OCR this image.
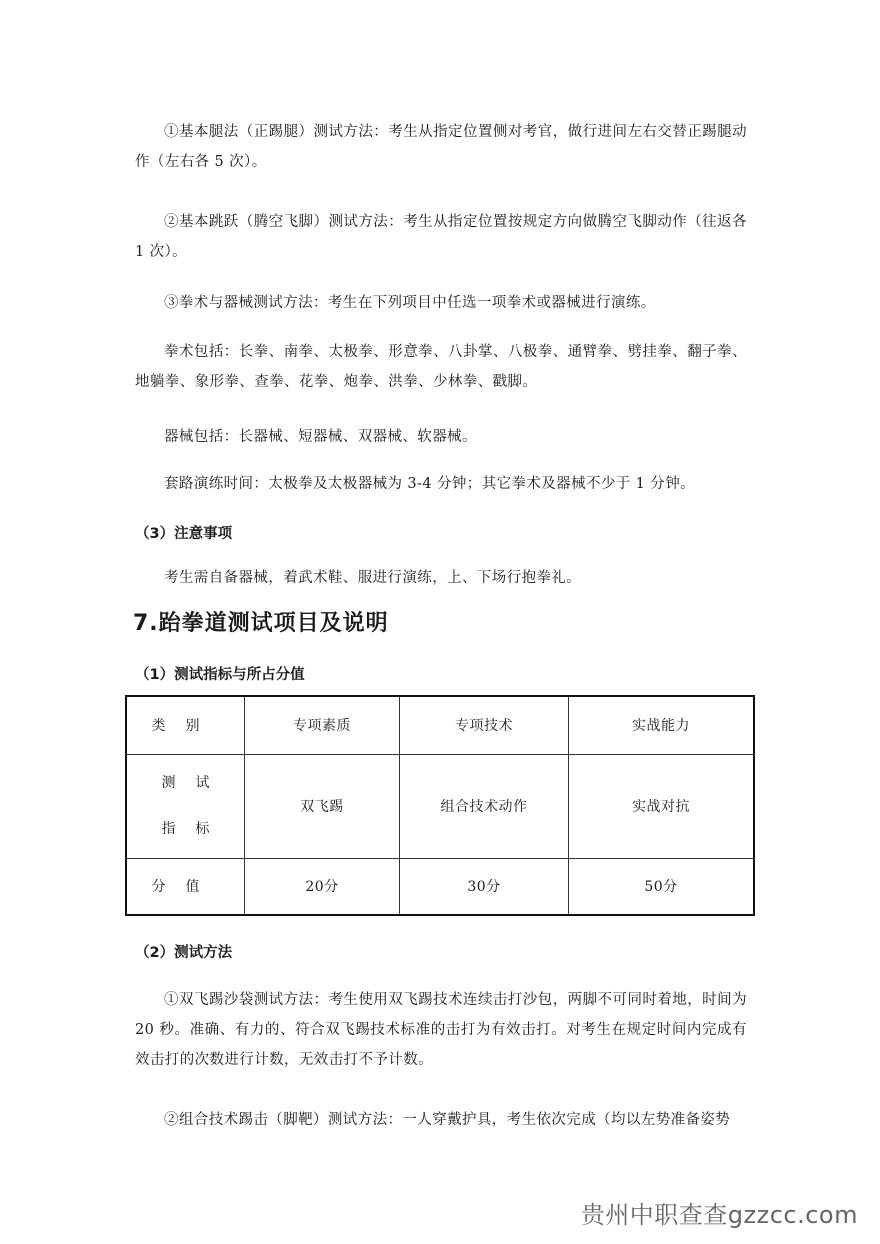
①基本腿法（正踢腿）测试方法：考生从指定位置侧对考官，做行进间左右交替正踢腿动作（左右各 5 次）。

②基本跳跃（腾空飞脚）测试方法：考生从指定位置按规定方向做腾空飞脚动作（往返各 1 次）。

③拳术与器械测试方法：考生在下列项目中任选一项拳术或器械进行演练。

拳术包括：长拳、南拳、太极拳、形意拳、八卦掌、八极拳、通臂拳、劈挂拳、翻子拳、地躺拳、象形拳、查拳、花拳、炮拳、洪拳、少林拳、戳脚。

器械包括：长器械、短器械、双器械、软器械。

套路演练时间：太极拳及太极器械为 3-4 分钟；其它拳术及器械不少于 1 分钟。

（3）注意事项

考生需自备器械，着武术鞋、服进行演练，上、下场行抱拳礼。

7.跆拳道测试项目及说明

（1）测试指标与所占分值

类别	专项素质	专项技术	实战能力

测试
指标	双飞踢	组合技术动作	实战对抗
分值	20分	30分	50分

（2）测试方法

①双飞踢沙袋测试方法：考生使用双飞踢技术连续击打沙包，两脚不可同时着地，时间为 20 秒。准确、有力的、符合双飞踢技术标准的击打为有效击打。对考生在规定时间内完成有效击打的次数进行计数，无效击打不予计数。

②组合技术踢击（脚靶）测试方法：一人穿戴护具，考生依次完成（均以左势准备姿势

贵州中职查查gzzcc.com
